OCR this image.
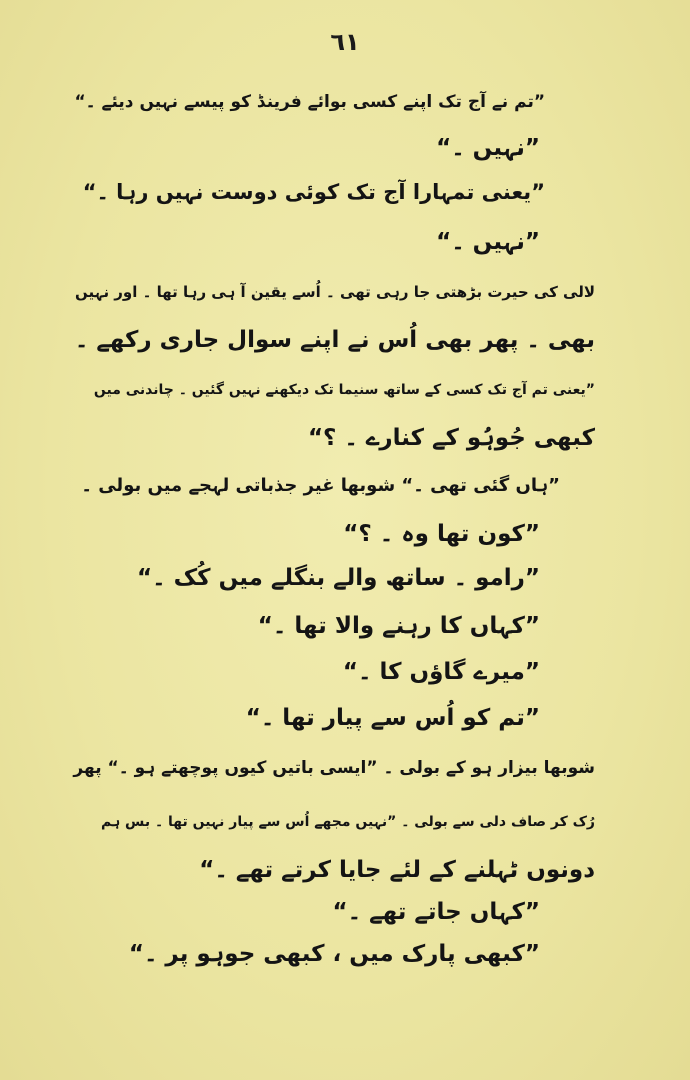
٦١
”تم نے آج تک اپنے کسی بوائے فرینڈ کو پیسے نہیں دیئے ۔“
”نہیں ۔“
”یعنی تمہارا آج تک کوئی دوست نہیں رہا ۔“
”نہیں ۔“
لالی کی حیرت بڑھتی جا رہی تھی ۔ اُسے یقین آ ہی رہا تھا ۔ اور نہیں
بھی ۔ پھر بھی اُس نے اپنے سوال جاری رکھے ۔
”یعنی تم آج تک کسی کے ساتھ سنیما تک دیکھنے نہیں گئیں ۔ چاندنی میں
کبھی جُوہُو کے کنارے ۔ ؟“
”ہاں گئی تھی ۔“ شوبھا غیر جذباتی لہجے میں بولی ۔
”کون تھا وہ ۔ ؟“
”رامو ۔ ساتھ والے بنگلے میں کُک ۔“
”کہاں کا رہنے والا تھا ۔“
”میرے گاؤں کا ۔“
”تم کو اُس سے پیار تھا ۔“
شوبھا بیزار ہو کے بولی ۔ ”ایسی باتیں کیوں پوچھتے ہو ۔“ پھر
رُک کر صاف دلی سے بولی ۔ ”نہیں مجھے اُس سے پیار نہیں تھا ۔ بس ہم
دونوں ٹہلنے کے لئے جایا کرتے تھے ۔“
”کہاں جاتے تھے ۔“
”کبھی پارک میں ، کبھی جوہو پر ۔“
